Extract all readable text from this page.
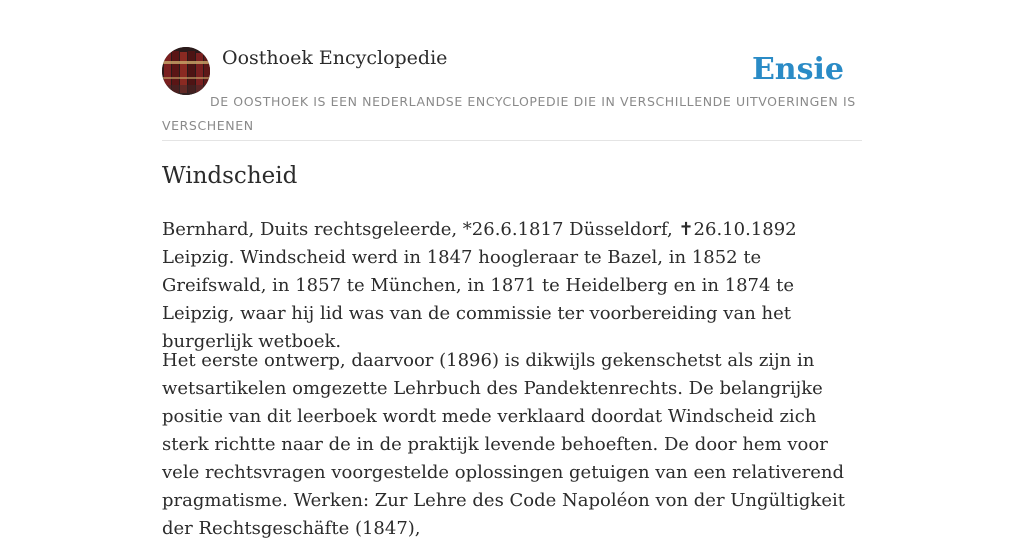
Oosthoek Encyclopedie	Ensie
DE OOSTHOEK IS EEN NEDERLANDSE ENCYCLOPEDIE DIE IN VERSCHILLENDE UITVOERINGEN IS VERSCHENEN
Windscheid

Bernhard, Duits rechtsgeleerde, *26.6.1817 Düsseldorf, ✝26.10.1892 Leipzig. Windscheid werd in 1847 hoogleraar te Bazel, in 1852 te Greifswald, in 1857 te München, in 1871 te Heidelberg en in 1874 te Leipzig, waar hij lid was van de commissie ter voorbereiding van het burgerlijk wetboek.

Het eerste ontwerp, daarvoor (1896) is dikwijls gekenschetst als zijn in wetsartikelen omgezette Lehrbuch des Pandektenrechts. De belangrijke positie van dit leerboek wordt mede verklaard doordat Windscheid zich sterk richtte naar de in de praktijk levende behoeften. De door hem voor vele rechtsvragen voorgestelde oplossingen getuigen van een relativerend pragmatisme. Werken: Zur Lehre des Code Napoléon von der Ungültigkeit der Rechtsgeschäfte (1847),
